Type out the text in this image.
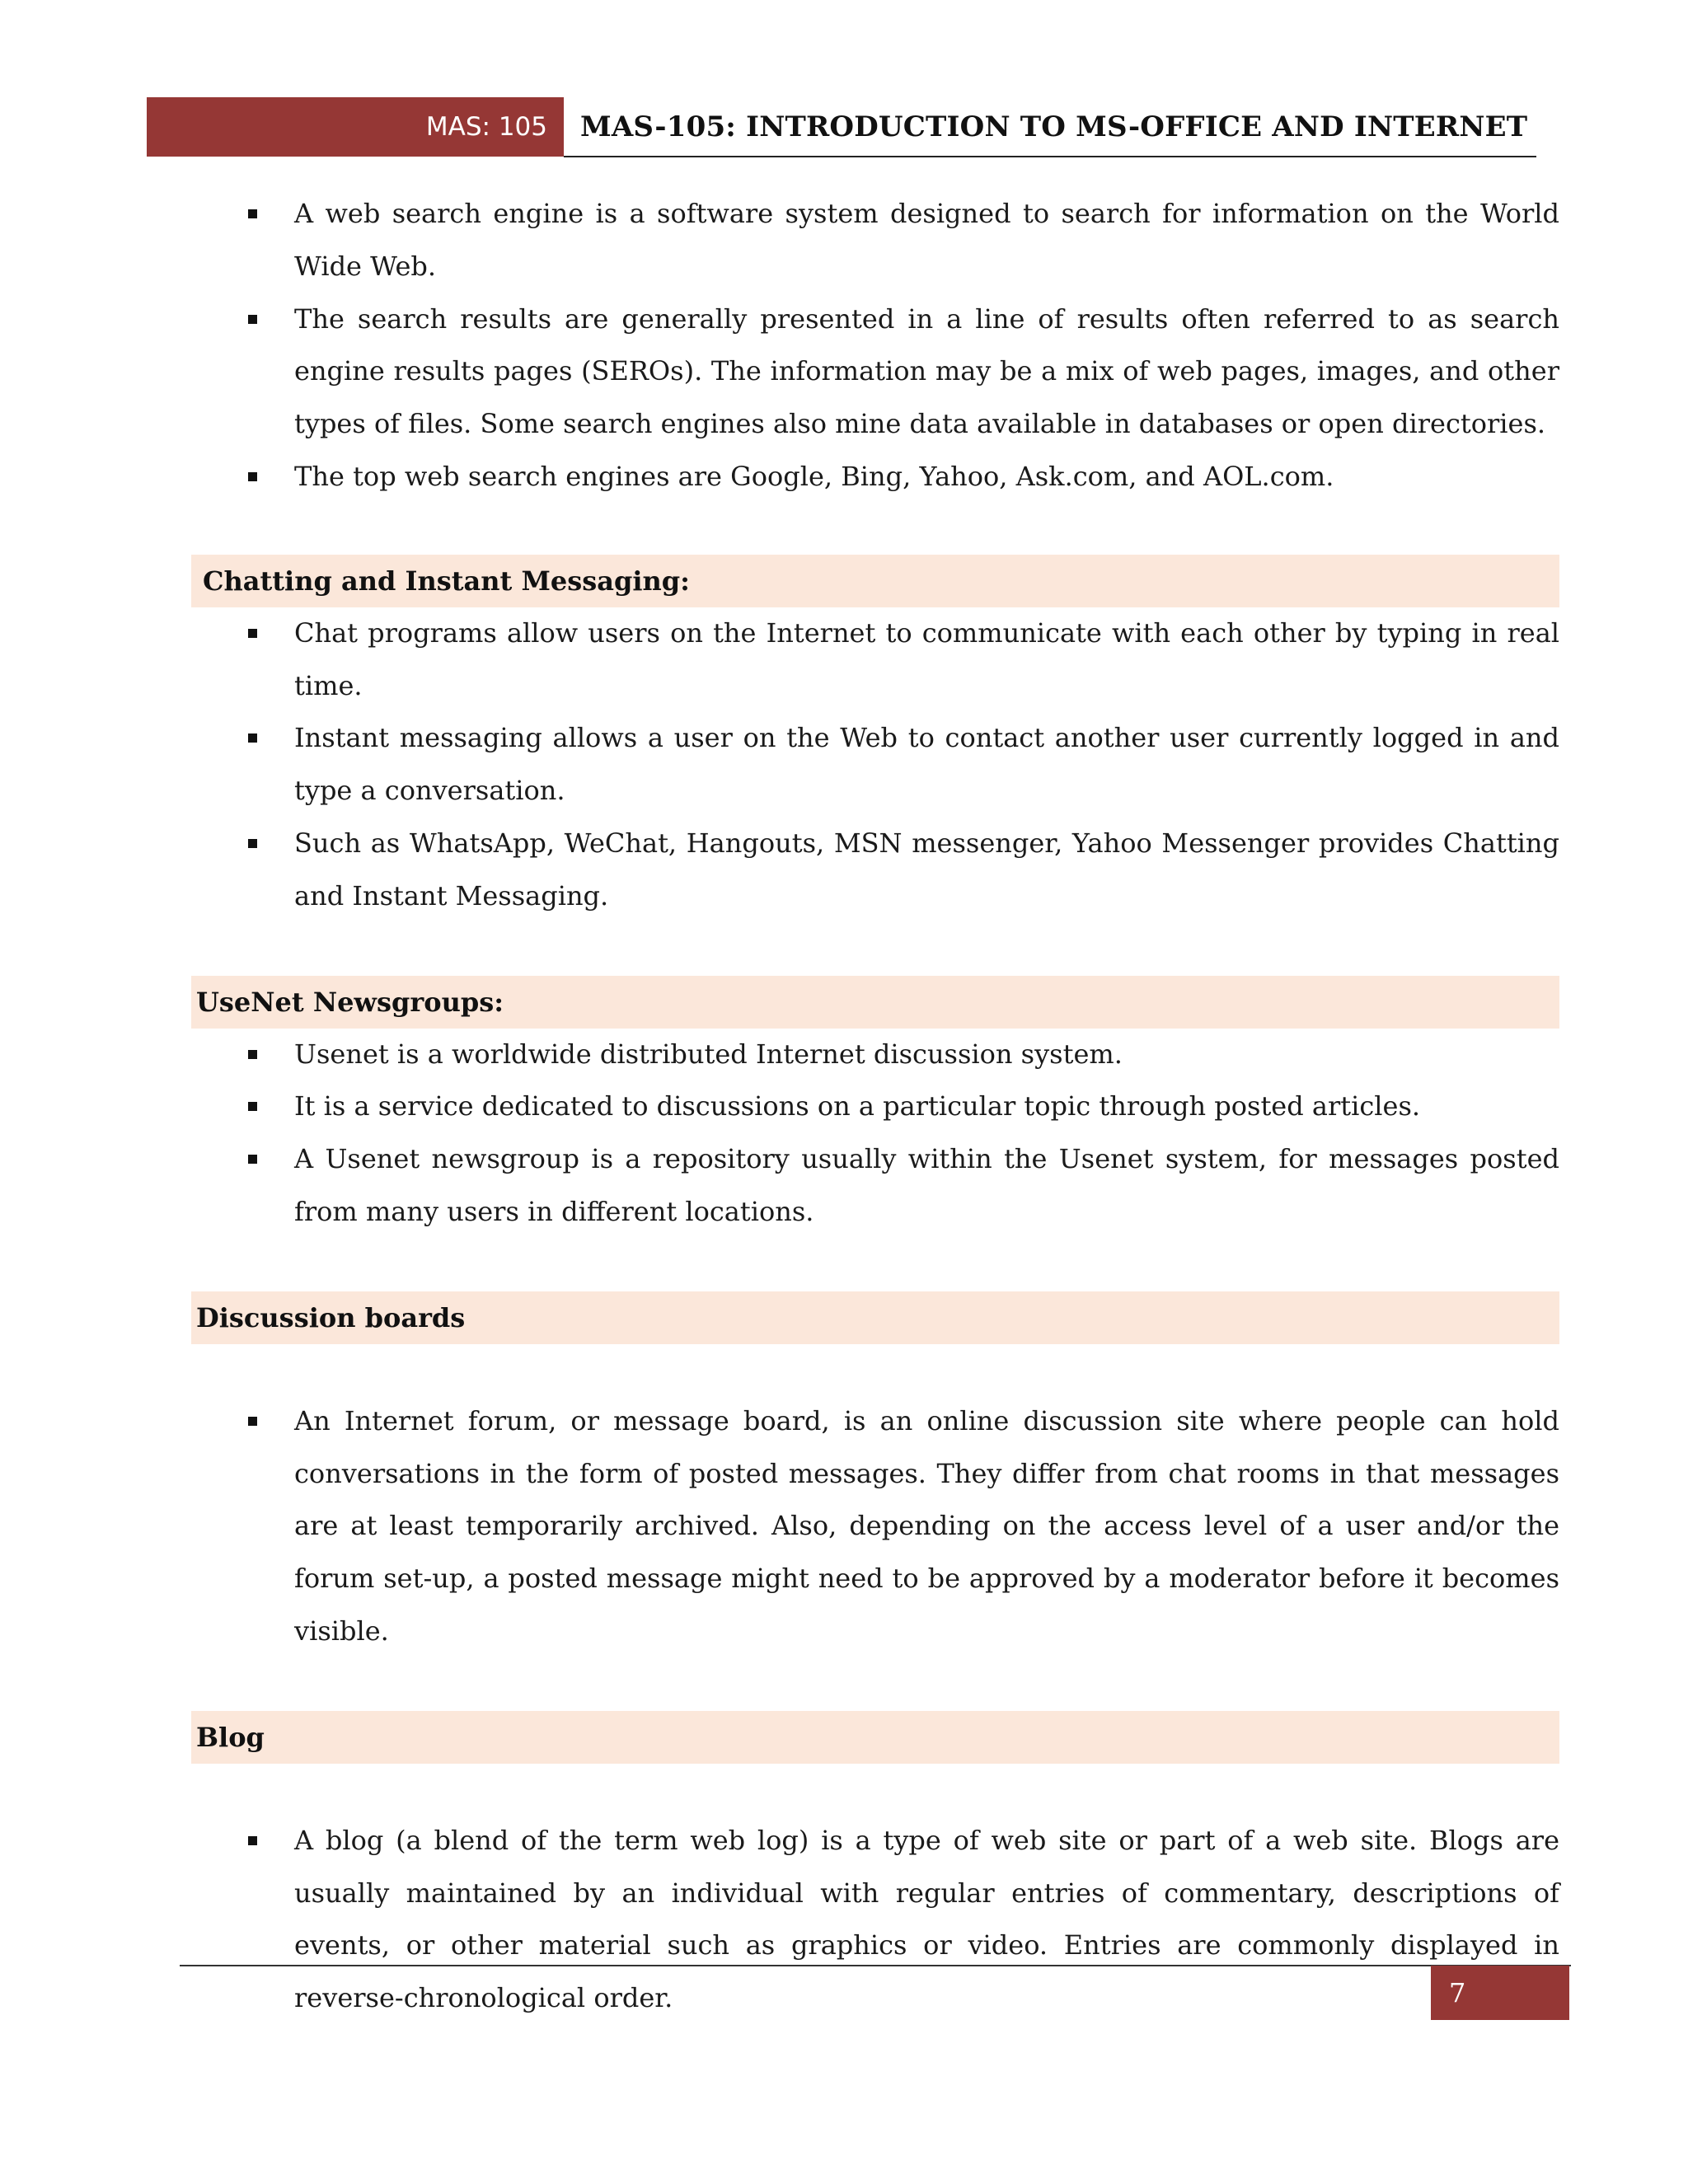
MAS: 105 MAS-105: INTRODUCTION TO MS-OFFICE AND INTERNET
A web search engine is a software system designed to search for information on the World Wide Web.
The search results are generally presented in a line of results often referred to as search engine results pages (SEROs). The information may be a mix of web pages, images, and other types of files. Some search engines also mine data available in databases or open directories.
The top web search engines are Google, Bing, Yahoo, Ask.com, and AOL.com.
Chatting and Instant Messaging:
Chat programs allow users on the Internet to communicate with each other by typing in real time.
Instant messaging allows a user on the Web to contact another user currently logged in and type a conversation.
Such as WhatsApp, WeChat, Hangouts, MSN messenger, Yahoo Messenger provides Chatting and Instant Messaging.
UseNet Newsgroups:
Usenet is a worldwide distributed Internet discussion system.
It is a service dedicated to discussions on a particular topic through posted articles.
A Usenet newsgroup is a repository usually within the Usenet system, for messages posted from many users in different locations.
Discussion boards
An Internet forum, or message board, is an online discussion site where people can hold conversations in the form of posted messages. They differ from chat rooms in that messages are at least temporarily archived. Also, depending on the access level of a user and/or the forum set-up, a posted message might need to be approved by a moderator before it becomes visible.
Blog
A blog (a blend of the term web log) is a type of web site or part of a web site. Blogs are usually maintained by an individual with regular entries of commentary, descriptions of events, or other material such as graphics or video. Entries are commonly displayed in reverse-chronological order.	7
